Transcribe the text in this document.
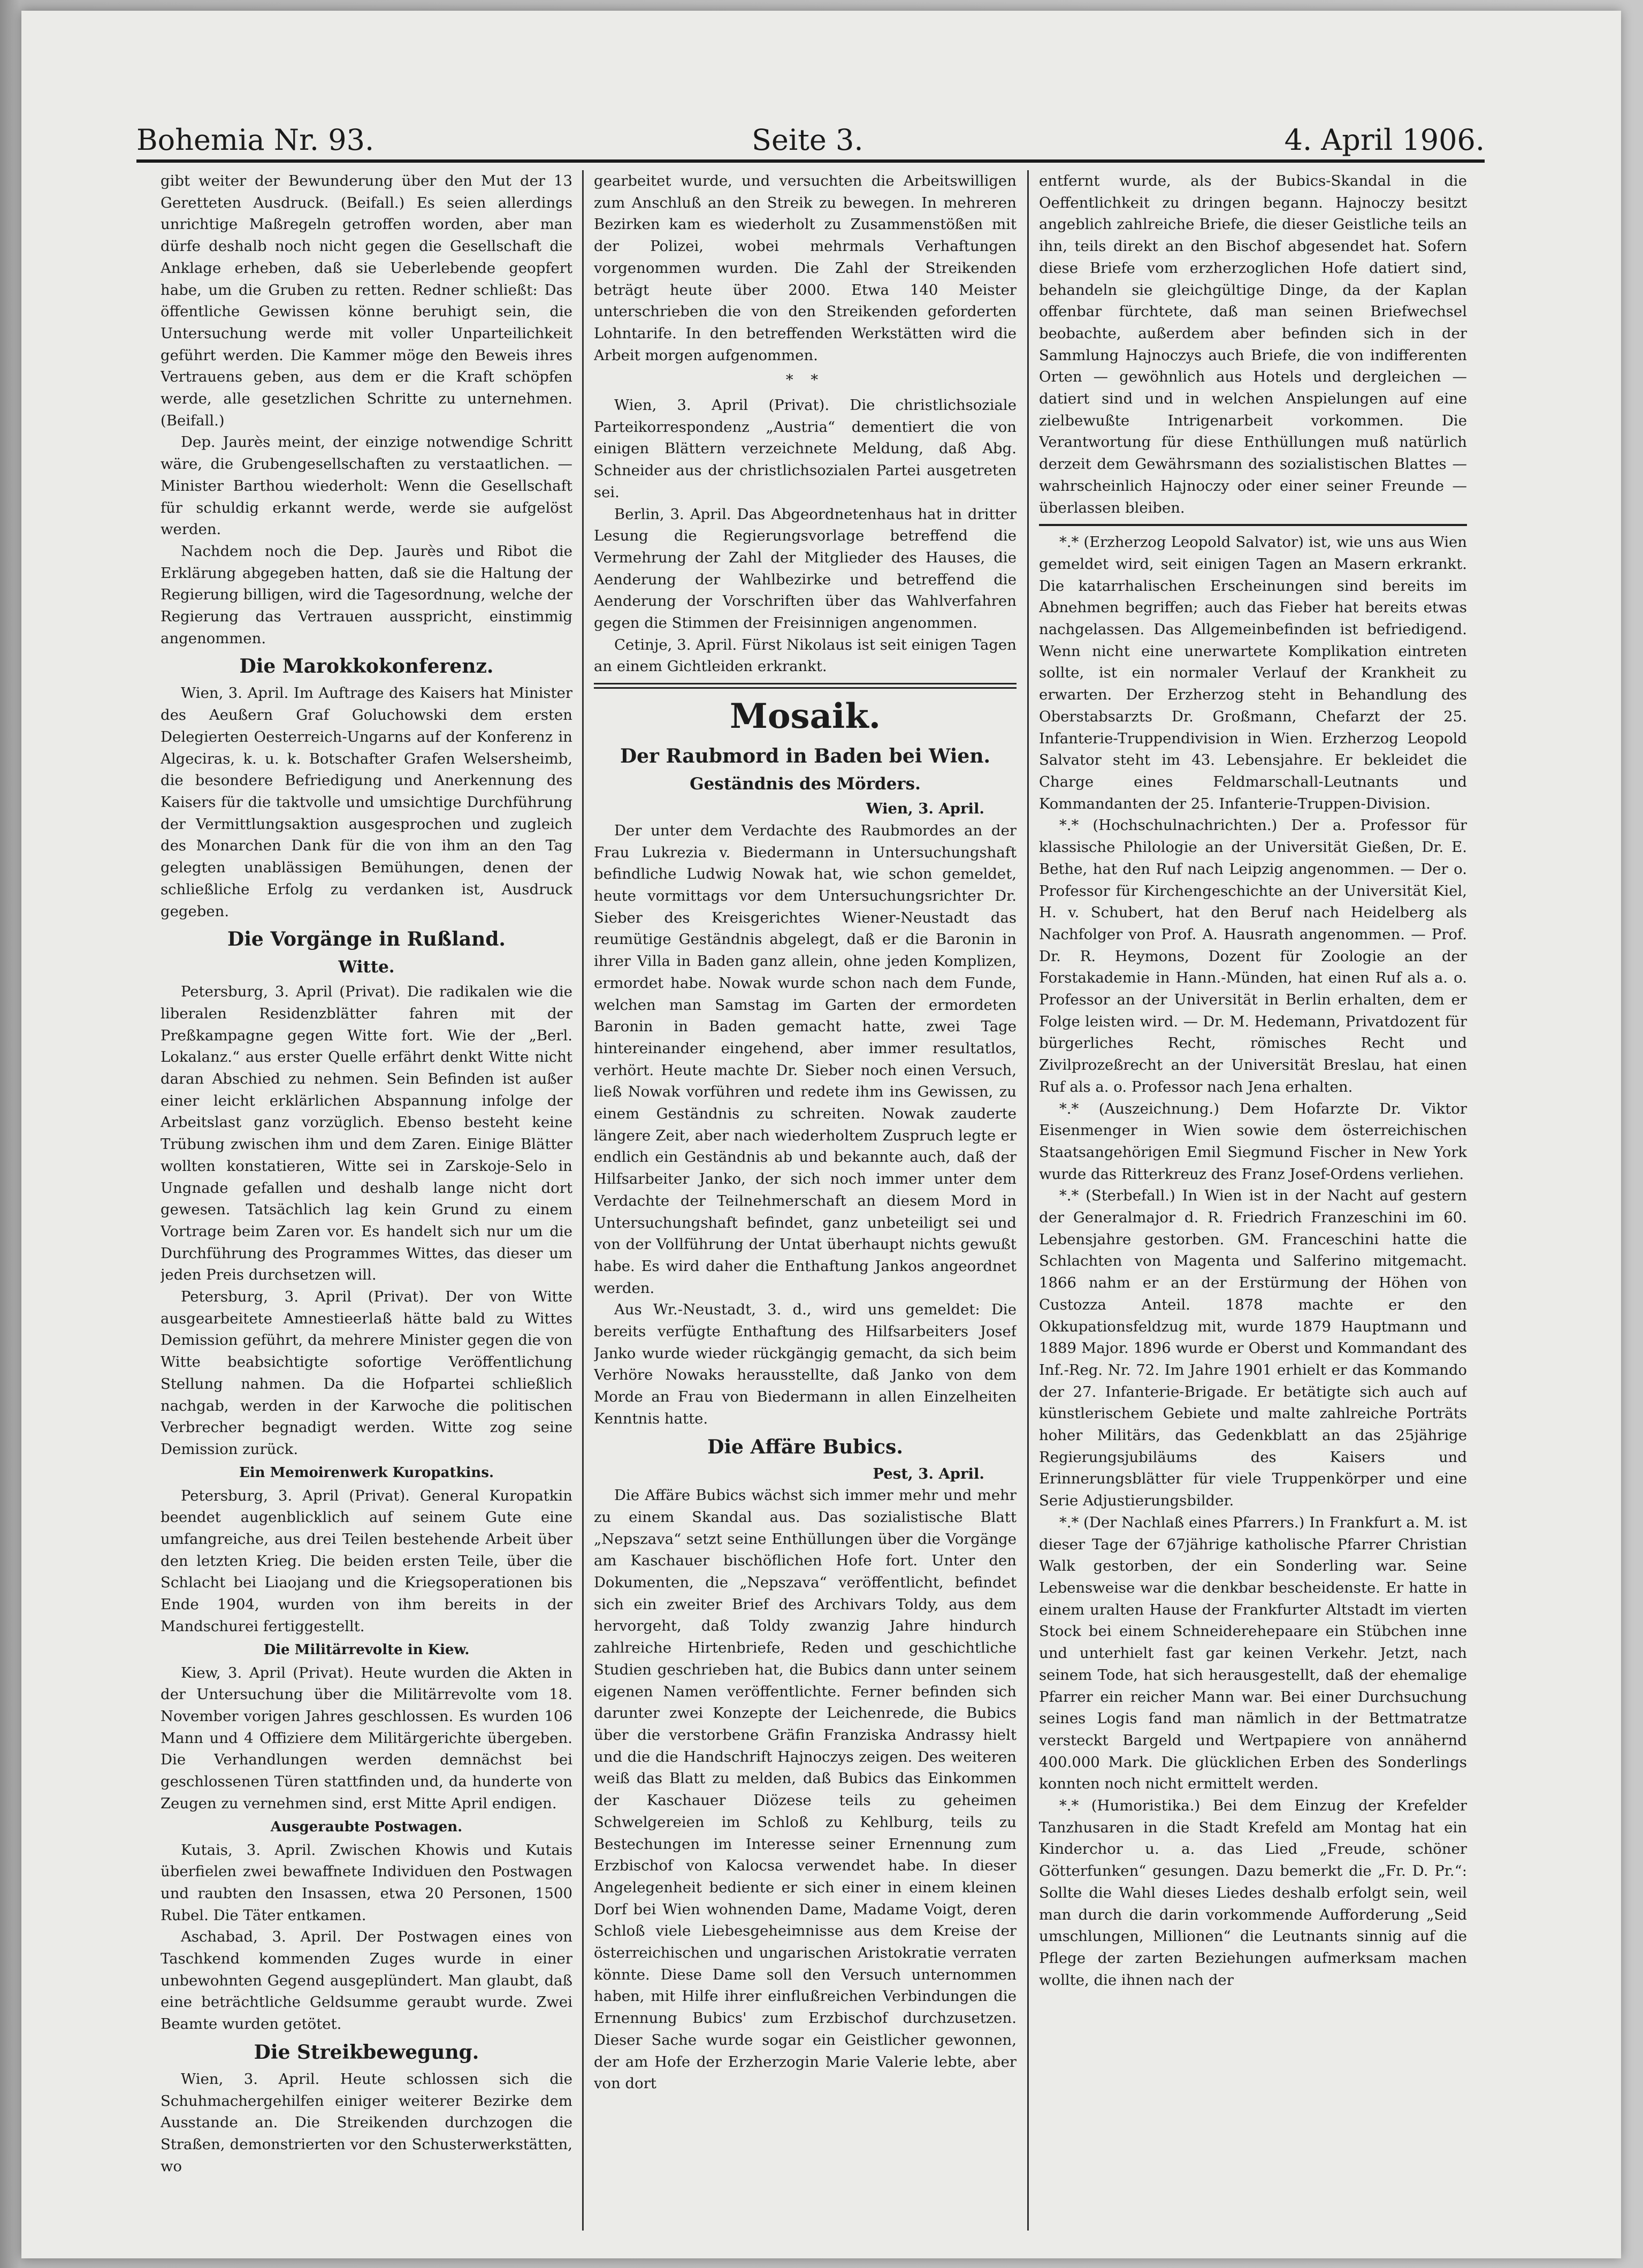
Bohemia Nr. 93.	Seite 3.	4. April 1906.

gibt weiter der Bewunderung über den Mut der 13 Geretteten Ausdruck. (Beifall.) Es seien allerdings unrichtige Maßregeln getroffen worden, aber man dürfe deshalb noch nicht gegen die Gesellschaft die Anklage erheben, daß sie Ueberlebende geopfert habe, um die Gruben zu retten. Redner schließt: Das öffentliche Gewissen könne beruhigt sein, die Untersuchung werde mit voller Unparteilichkeit geführt werden. Die Kammer möge den Beweis ihres Vertrauens geben, aus dem er die Kraft schöpfen werde, alle gesetzlichen Schritte zu unternehmen. (Beifall.)

Dep. Jaurès meint, der einzige notwendige Schritt wäre, die Grubengesellschaften zu verstaatlichen. — Minister Barthou wiederholt: Wenn die Gesellschaft für schuldig erkannt werde, werde sie aufgelöst werden.

Nachdem noch die Dep. Jaurès und Ribot die Erklärung abgegeben hatten, daß sie die Haltung der Regierung billigen, wird die Tagesordnung, welche der Regierung das Vertrauen ausspricht, einstimmig angenommen.

Die Marokkokonferenz.

Wien, 3. April. Im Auftrage des Kaisers hat Minister des Aeußern Graf Goluchowski dem ersten Delegierten Oesterreich-Ungarns auf der Konferenz in Algeciras, k. u. k. Botschafter Grafen Welsersheimb, die besondere Befriedigung und Anerkennung des Kaisers für die taktvolle und umsichtige Durchführung der Vermittlungsaktion ausgesprochen und zugleich des Monarchen Dank für die von ihm an den Tag gelegten unablässigen Bemühungen, denen der schließliche Erfolg zu verdanken ist, Ausdruck gegeben.

Die Vorgänge in Rußland.
Witte.

Petersburg, 3. April (Privat). Die radikalen wie die liberalen Residenzblätter fahren mit der Preßkampagne gegen Witte fort. Wie der „Berl. Lokalanz.“ aus erster Quelle erfährt denkt Witte nicht daran Abschied zu nehmen. Sein Befinden ist außer einer leicht erklärlichen Abspannung infolge der Arbeitslast ganz vorzüglich. Ebenso besteht keine Trübung zwischen ihm und dem Zaren. Einige Blätter wollten konstatieren, Witte sei in Zarskoje-Selo in Ungnade gefallen und deshalb lange nicht dort gewesen. Tatsächlich lag kein Grund zu einem Vortrage beim Zaren vor. Es handelt sich nur um die Durchführung des Programmes Wittes, das dieser um jeden Preis durchsetzen will.

Petersburg, 3. April (Privat). Der von Witte ausgearbeitete Amnestieerlaß hätte bald zu Wittes Demission geführt, da mehrere Minister gegen die von Witte beabsichtigte sofortige Veröffentlichung Stellung nahmen. Da die Hofpartei schließlich nachgab, werden in der Karwoche die politischen Verbrecher begnadigt werden. Witte zog seine Demission zurück.

Ein Memoirenwerk Kuropatkins.

Petersburg, 3. April (Privat). General Kuropatkin beendet augenblicklich auf seinem Gute eine umfangreiche, aus drei Teilen bestehende Arbeit über den letzten Krieg. Die beiden ersten Teile, über die Schlacht bei Liaojang und die Kriegsoperationen bis Ende 1904, wurden von ihm bereits in der Mandschurei fertiggestellt.

Die Militärrevolte in Kiew.

Kiew, 3. April (Privat). Heute wurden die Akten in der Untersuchung über die Militärrevolte vom 18. November vorigen Jahres geschlossen. Es wurden 106 Mann und 4 Offiziere dem Militärgerichte übergeben. Die Verhandlungen werden demnächst bei geschlossenen Türen stattfinden und, da hunderte von Zeugen zu vernehmen sind, erst Mitte April endigen.

Ausgeraubte Postwagen.

Kutais, 3. April. Zwischen Khowis und Kutais überfielen zwei bewaffnete Individuen den Postwagen und raubten den Insassen, etwa 20 Personen, 1500 Rubel. Die Täter entkamen.

Aschabad, 3. April. Der Postwagen eines von Taschkend kommenden Zuges wurde in einer unbewohnten Gegend ausgeplündert. Man glaubt, daß eine beträchtliche Geldsumme geraubt wurde. Zwei Beamte wurden getötet.

Die Streikbewegung.

Wien, 3. April. Heute schlossen sich die Schuhmachergehilfen einiger weiterer Bezirke dem Ausstande an. Die Streikenden durchzogen die Straßen, demonstrierten vor den Schusterwerkstätten, wo

gearbeitet wurde, und versuchten die Arbeitswilligen zum Anschluß an den Streik zu bewegen. In mehreren Bezirken kam es wiederholt zu Zusammenstößen mit der Polizei, wobei mehrmals Verhaftungen vorgenommen wurden. Die Zahl der Streikenden beträgt heute über 2000. Etwa 140 Meister unterschrieben die von den Streikenden geforderten Lohntarife. In den betreffenden Werkstätten wird die Arbeit morgen aufgenommen.

* *

Wien, 3. April (Privat). Die christlichsoziale Parteikorrespondenz „Austria“ dementiert die von einigen Blättern verzeichnete Meldung, daß Abg. Schneider aus der christlichsozialen Partei ausgetreten sei.

Berlin, 3. April. Das Abgeordnetenhaus hat in dritter Lesung die Regierungsvorlage betreffend die Vermehrung der Zahl der Mitglieder des Hauses, die Aenderung der Wahlbezirke und betreffend die Aenderung der Vorschriften über das Wahlverfahren gegen die Stimmen der Freisinnigen angenommen.

Cetinje, 3. April. Fürst Nikolaus ist seit einigen Tagen an einem Gichtleiden erkrankt.

Mosaik.
Der Raubmord in Baden bei Wien.
Geständnis des Mörders.
Wien, 3. April.

Der unter dem Verdachte des Raubmordes an der Frau Lukrezia v. Biedermann in Untersuchungshaft befindliche Ludwig Nowak hat, wie schon gemeldet, heute vormittags vor dem Untersuchungsrichter Dr. Sieber des Kreisgerichtes Wiener-Neustadt das reumütige Geständnis abgelegt, daß er die Baronin in ihrer Villa in Baden ganz allein, ohne jeden Komplizen, ermordet habe. Nowak wurde schon nach dem Funde, welchen man Samstag im Garten der ermordeten Baronin in Baden gemacht hatte, zwei Tage hintereinander eingehend, aber immer resultatlos, verhört. Heute machte Dr. Sieber noch einen Versuch, ließ Nowak vorführen und redete ihm ins Gewissen, zu einem Geständnis zu schreiten. Nowak zauderte längere Zeit, aber nach wiederholtem Zuspruch legte er endlich ein Geständnis ab und bekannte auch, daß der Hilfsarbeiter Janko, der sich noch immer unter dem Verdachte der Teilnehmerschaft an diesem Mord in Untersuchungshaft befindet, ganz unbeteiligt sei und von der Vollführung der Untat überhaupt nichts gewußt habe. Es wird daher die Enthaftung Jankos angeordnet werden.

Aus Wr.-Neustadt, 3. d., wird uns gemeldet: Die bereits verfügte Enthaftung des Hilfsarbeiters Josef Janko wurde wieder rückgängig gemacht, da sich beim Verhöre Nowaks herausstellte, daß Janko von dem Morde an Frau von Biedermann in allen Einzelheiten Kenntnis hatte.

Die Affäre Bubics.
Pest, 3. April.

Die Affäre Bubics wächst sich immer mehr und mehr zu einem Skandal aus. Das sozialistische Blatt „Nepszava“ setzt seine Enthüllungen über die Vorgänge am Kaschauer bischöflichen Hofe fort. Unter den Dokumenten, die „Nepszava“ veröffentlicht, befindet sich ein zweiter Brief des Archivars Toldy, aus dem hervorgeht, daß Toldy zwanzig Jahre hindurch zahlreiche Hirtenbriefe, Reden und geschichtliche Studien geschrieben hat, die Bubics dann unter seinem eigenen Namen veröffentlichte. Ferner befinden sich darunter zwei Konzepte der Leichenrede, die Bubics über die verstorbene Gräfin Franziska Andrassy hielt und die die Handschrift Hajnoczys zeigen. Des weiteren weiß das Blatt zu melden, daß Bubics das Einkommen der Kaschauer Diözese teils zu geheimen Schwelgereien im Schloß zu Kehlburg, teils zu Bestechungen im Interesse seiner Ernennung zum Erzbischof von Kalocsa verwendet habe. In dieser Angelegenheit bediente er sich einer in einem kleinen Dorf bei Wien wohnenden Dame, Madame Voigt, deren Schloß viele Liebesgeheimnisse aus dem Kreise der österreichischen und ungarischen Aristokratie verraten könnte. Diese Dame soll den Versuch unternommen haben, mit Hilfe ihrer einflußreichen Verbindungen die Ernennung Bubics' zum Erzbischof durchzusetzen. Dieser Sache wurde sogar ein Geistlicher gewonnen, der am Hofe der Erzherzogin Marie Valerie lebte, aber von dort

entfernt wurde, als der Bubics-Skandal in die Oeffentlichkeit zu dringen begann. Hajnoczy besitzt angeblich zahlreiche Briefe, die dieser Geistliche teils an ihn, teils direkt an den Bischof abgesendet hat. Sofern diese Briefe vom erzherzoglichen Hofe datiert sind, behandeln sie gleichgültige Dinge, da der Kaplan offenbar fürchtete, daß man seinen Briefwechsel beobachte, außerdem aber befinden sich in der Sammlung Hajnoczys auch Briefe, die von indifferenten Orten — gewöhnlich aus Hotels und dergleichen — datiert sind und in welchen Anspielungen auf eine zielbewußte Intrigenarbeit vorkommen. Die Verantwortung für diese Enthüllungen muß natürlich derzeit dem Gewährsmann des sozialistischen Blattes — wahrscheinlich Hajnoczy oder einer seiner Freunde — überlassen bleiben.

*.* (Erzherzog Leopold Salvator) ist, wie uns aus Wien gemeldet wird, seit einigen Tagen an Masern erkrankt. Die katarrhalischen Erscheinungen sind bereits im Abnehmen begriffen; auch das Fieber hat bereits etwas nachgelassen. Das Allgemeinbefinden ist befriedigend. Wenn nicht eine unerwartete Komplikation eintreten sollte, ist ein normaler Verlauf der Krankheit zu erwarten. Der Erzherzog steht in Behandlung des Oberstabsarzts Dr. Großmann, Chefarzt der 25. Infanterie-Truppendivision in Wien. Erzherzog Leopold Salvator steht im 43. Lebensjahre. Er bekleidet die Charge eines Feldmarschall-Leutnants und Kommandanten der 25. Infanterie-Truppen-Division.

*.* (Hochschulnachrichten.) Der a. Professor für klassische Philologie an der Universität Gießen, Dr. E. Bethe, hat den Ruf nach Leipzig angenommen. — Der o. Professor für Kirchengeschichte an der Universität Kiel, H. v. Schubert, hat den Beruf nach Heidelberg als Nachfolger von Prof. A. Hausrath angenommen. — Prof. Dr. R. Heymons, Dozent für Zoologie an der Forstakademie in Hann.-Münden, hat einen Ruf als a. o. Professor an der Universität in Berlin erhalten, dem er Folge leisten wird. — Dr. M. Hedemann, Privatdozent für bürgerliches Recht, römisches Recht und Zivilprozeßrecht an der Universität Breslau, hat einen Ruf als a. o. Professor nach Jena erhalten.

*.* (Auszeichnung.) Dem Hofarzte Dr. Viktor Eisenmenger in Wien sowie dem österreichischen Staatsangehörigen Emil Siegmund Fischer in New York wurde das Ritterkreuz des Franz Josef-Ordens verliehen.

*.* (Sterbefall.) In Wien ist in der Nacht auf gestern der Generalmajor d. R. Friedrich Franzeschini im 60. Lebensjahre gestorben. GM. Franceschini hatte die Schlachten von Magenta und Salferino mitgemacht. 1866 nahm er an der Erstürmung der Höhen von Custozza Anteil. 1878 machte er den Okkupationsfeldzug mit, wurde 1879 Hauptmann und 1889 Major. 1896 wurde er Oberst und Kommandant des Inf.-Reg. Nr. 72. Im Jahre 1901 erhielt er das Kommando der 27. Infanterie-Brigade. Er betätigte sich auch auf künstlerischem Gebiete und malte zahlreiche Porträts hoher Militärs, das Gedenkblatt an das 25jährige Regierungsjubiläums des Kaisers und Erinnerungsblätter für viele Truppenkörper und eine Serie Adjustierungsbilder.

*.* (Der Nachlaß eines Pfarrers.) In Frankfurt a. M. ist dieser Tage der 67jährige katholische Pfarrer Christian Walk gestorben, der ein Sonderling war. Seine Lebensweise war die denkbar bescheidenste. Er hatte in einem uralten Hause der Frankfurter Altstadt im vierten Stock bei einem Schneiderehepaare ein Stübchen inne und unterhielt fast gar keinen Verkehr. Jetzt, nach seinem Tode, hat sich herausgestellt, daß der ehemalige Pfarrer ein reicher Mann war. Bei einer Durchsuchung seines Logis fand man nämlich in der Bettmatratze versteckt Bargeld und Wertpapiere von annähernd 400.000 Mark. Die glücklichen Erben des Sonderlings konnten noch nicht ermittelt werden.

*.* (Humoristika.) Bei dem Einzug der Krefelder Tanzhusaren in die Stadt Krefeld am Montag hat ein Kinderchor u. a. das Lied „Freude, schöner Götterfunken“ gesungen. Dazu bemerkt die „Fr. D. Pr.“: Sollte die Wahl dieses Liedes deshalb erfolgt sein, weil man durch die darin vorkommende Aufforderung „Seid umschlungen, Millionen“ die Leutnants sinnig auf die Pflege der zarten Beziehungen aufmerksam machen wollte, die ihnen nach der
